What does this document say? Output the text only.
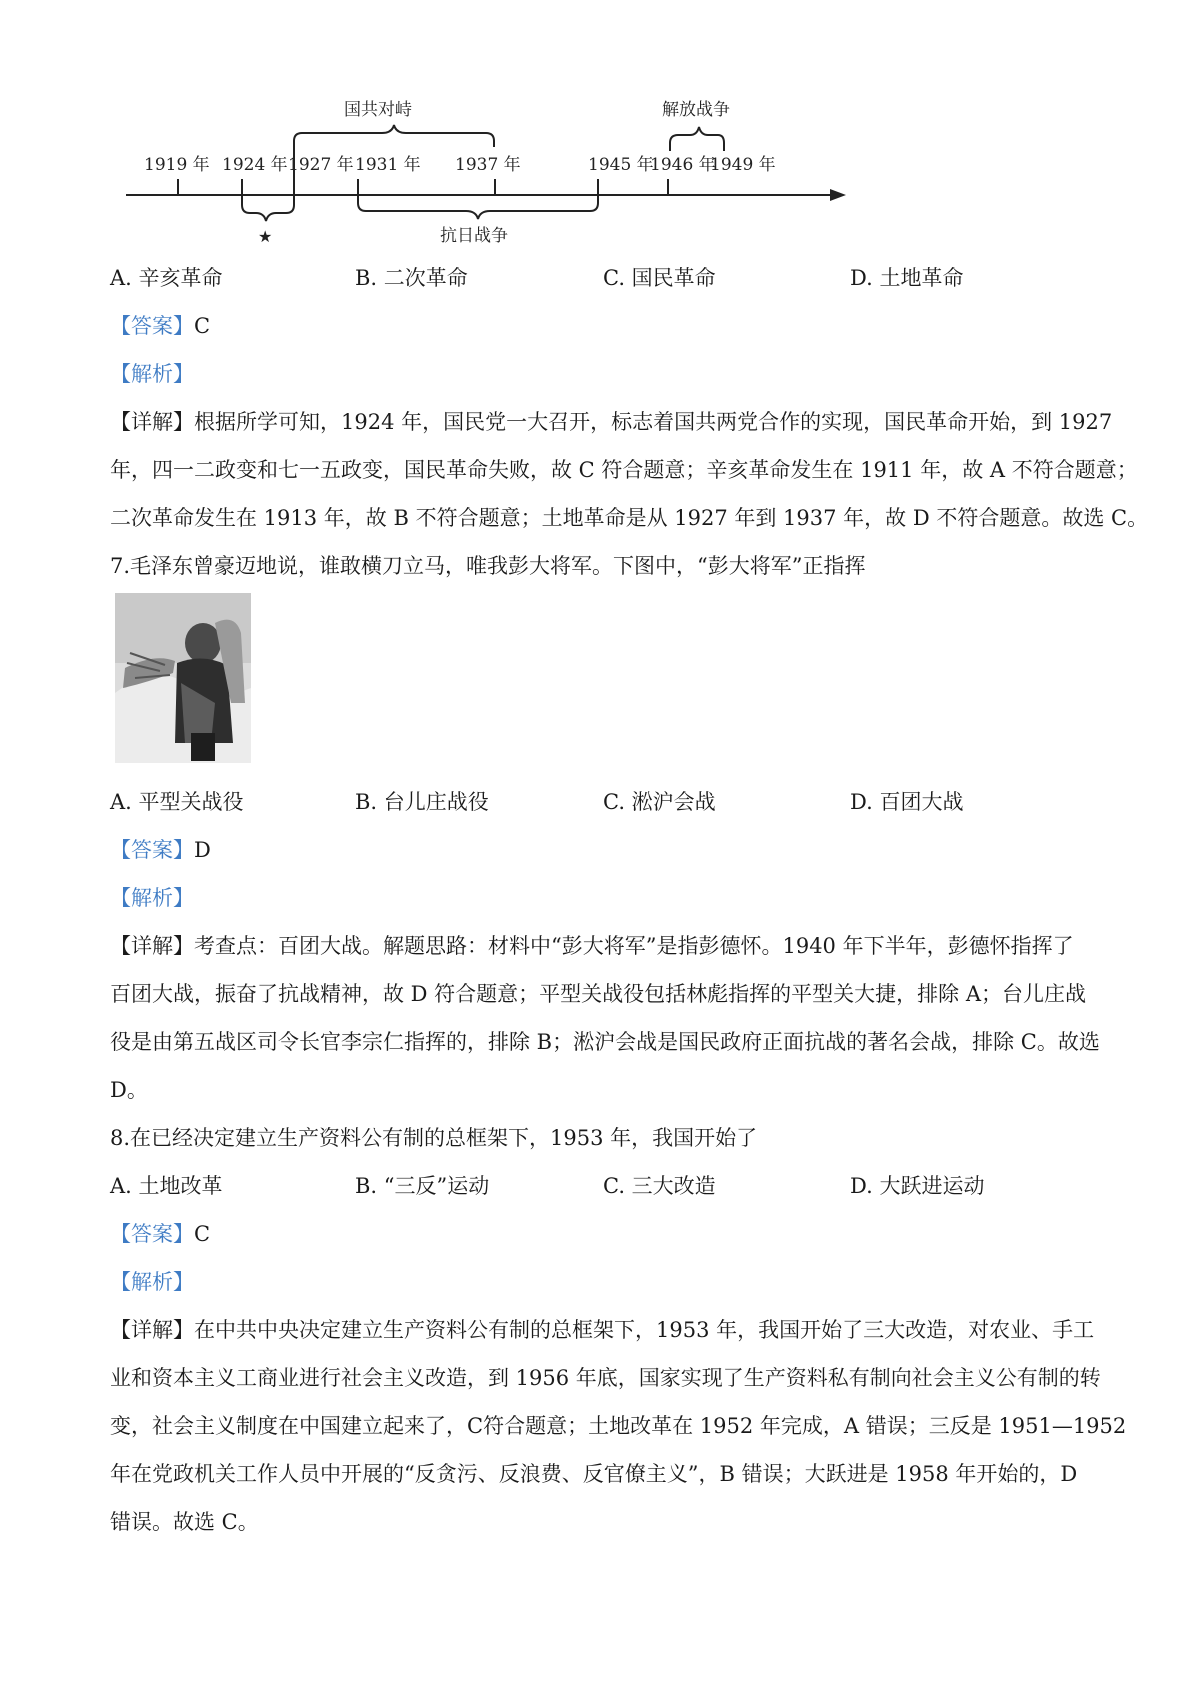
1919 年 1924 年 1927 年 1931 年 1937 年	1945 年
1946 年
1949 年
国共对峙	解放战争
★	抗日战争
A. 辛亥革命	B. 二次革命	C. 国民革命	D. 土地革命
【答案】C
【解析】
【详解】根据所学可知，1924 年，国民党一大召开，标志着国共两党合作的实现，国民革命开始，到 1927
年，四一二政变和七一五政变，国民革命失败，故 C 符合题意；辛亥革命发生在 1911 年，故 A 不符合题意；
二次革命发生在 1913 年，故 B 不符合题意；土地革命是从 1927 年到 1937 年，故 D 不符合题意。故选 C。
7.毛泽东曾豪迈地说，谁敢横刀立马，唯我彭大将军。下图中，“彭大将军”正指挥
A. 平型关战役	B. 台儿庄战役	C. 淞沪会战	D. 百团大战
【答案】D
【解析】
【详解】考查点：百团大战。解题思路：材料中“彭大将军”是指彭德怀。1940 年下半年，彭德怀指挥了
百团大战，振奋了抗战精神，故 D 符合题意；平型关战役包括林彪指挥的平型关大捷，排除 A；台儿庄战
役是由第五战区司令长官李宗仁指挥的，排除 B；淞沪会战是国民政府正面抗战的著名会战，排除 C。故选
D。
8.在已经决定建立生产资料公有制的总框架下，1953 年，我国开始了
A. 土地改革	B. “三反”运动	C. 三大改造	D. 大跃进运动
【答案】C
【解析】
【详解】在中共中央决定建立生产资料公有制的总框架下，1953 年，我国开始了三大改造，对农业、手工
业和资本主义工商业进行社会主义改造，到 1956 年底，国家实现了生产资料私有制向社会主义公有制的转
变，社会主义制度在中国建立起来了，C符合题意；土地改革在 1952 年完成，A 错误；三反是 1951—1952
年在党政机关工作人员中开展的“反贪污、反浪费、反官僚主义”，B 错误；大跃进是 1958 年开始的，D
错误。故选 C。
